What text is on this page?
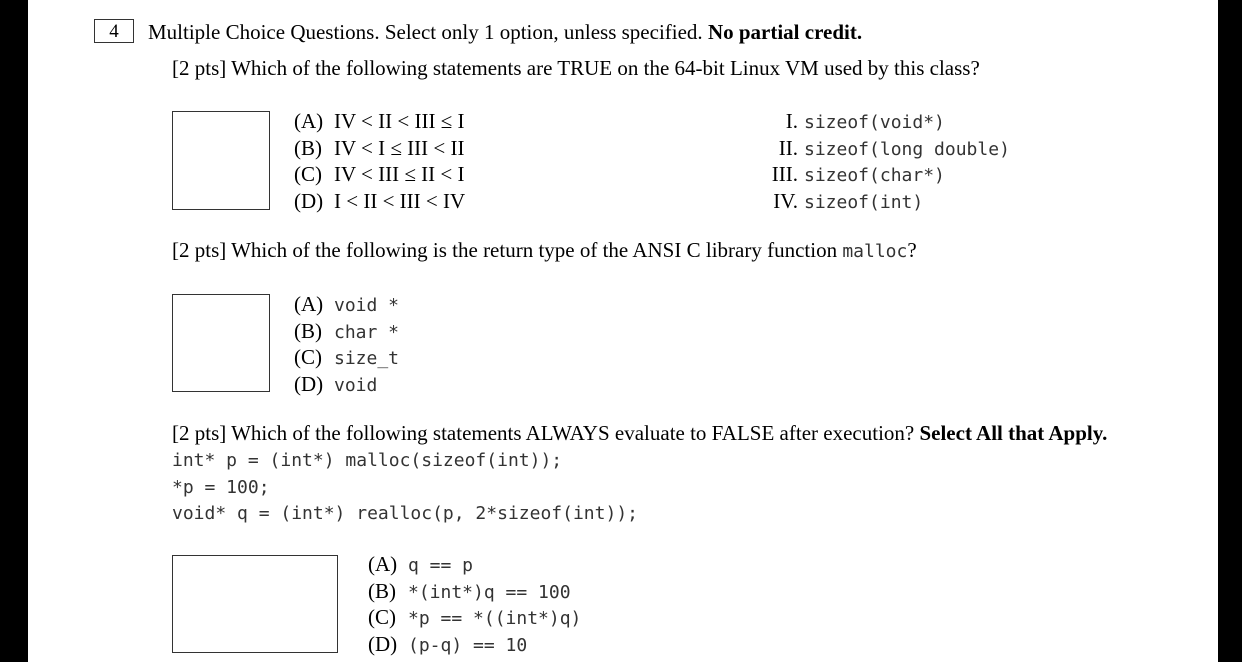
4	Multiple Choice Questions. Select only 1 option, unless specified. No partial credit.
[2 pts] Which of the following statements are TRUE on the 64-bit Linux VM used by this class?
(A) IV < II < III ≤ I
(B) IV < I ≤ III < II
(C) IV < III ≤ II < I
(D) I < II < III < IV
I. sizeof(void*)
II. sizeof(long double)
III. sizeof(char*)
IV. sizeof(int)
[2 pts] Which of the following is the return type of the ANSI C library function malloc?
(A) void *
(B) char *
(C) size_t
(D) void
[2 pts] Which of the following statements ALWAYS evaluate to FALSE after execution? Select All that Apply.
int* p = (int*) malloc(sizeof(int));
*p = 100;
void* q = (int*) realloc(p, 2*sizeof(int));
(A) q == p
(B) *(int*)q == 100
(C) *p == *((int*)q)
(D) (p-q) == 10
